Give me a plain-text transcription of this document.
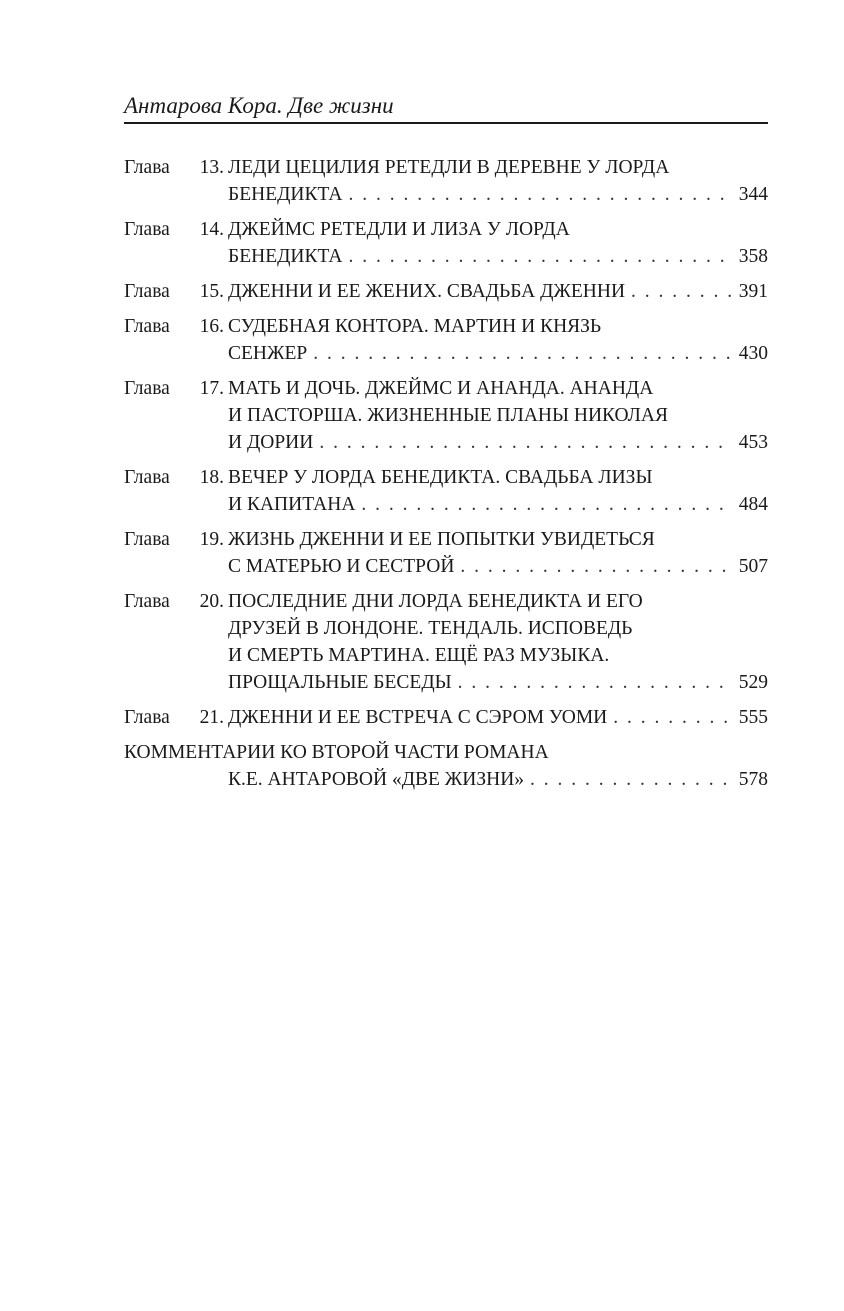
Антарова Кора. Две жизни
Глава	13. ЛЕДИ ЦЕЦИЛИЯ РЕТЕДЛИ В ДЕРЕВНЕ У ЛОРДА
БЕНЕДИКТА . . .	344
Глава	14. ДЖЕЙМС РЕТЕДЛИ И ЛИЗА У ЛОРДА
БЕНЕДИКТА . . .	358
Глава	15. ДЖЕННИ И ЕЕ ЖЕНИХ. СВАДЬБА ДЖЕННИ . . .	391
Глава	16. СУДЕБНАЯ КОНТОРА. МАРТИН И КНЯЗЬ
СЕНЖЕР . . .	430
Глава	17. МАТЬ И ДОЧЬ. ДЖЕЙМС И АНАНДА. АНАНДА
И ПАСТОРША. ЖИЗНЕННЫЕ ПЛАНЫ НИКОЛАЯ
И ДОРИИ . . .	453
Глава	18. ВЕЧЕР У ЛОРДА БЕНЕДИКТА. СВАДЬБА ЛИЗЫ
И КАПИТАНА . . .	484
Глава	19. ЖИЗНЬ ДЖЕННИ И ЕЕ ПОПЫТКИ УВИДЕТЬСЯ
С МАТЕРЬЮ И СЕСТРОЙ . . .	507
Глава	20. ПОСЛЕДНИЕ ДНИ ЛОРДА БЕНЕДИКТА И ЕГО
ДРУЗЕЙ В ЛОНДОНЕ. ТЕНДАЛЬ. ИСПОВЕДЬ
И СМЕРТЬ МАРТИНА. ЕЩЁ РАЗ МУЗЫКА.
ПРОЩАЛЬНЫЕ БЕСЕДЫ . . .	529
Глава	21. ДЖЕННИ И ЕЕ ВСТРЕЧА С СЭРОМ УОМИ . . .	555
КОММЕНТАРИИ КО ВТОРОЙ ЧАСТИ РОМАНА
К.Е. АНТАРОВОЙ «ДВЕ ЖИЗНИ» . . .	578
